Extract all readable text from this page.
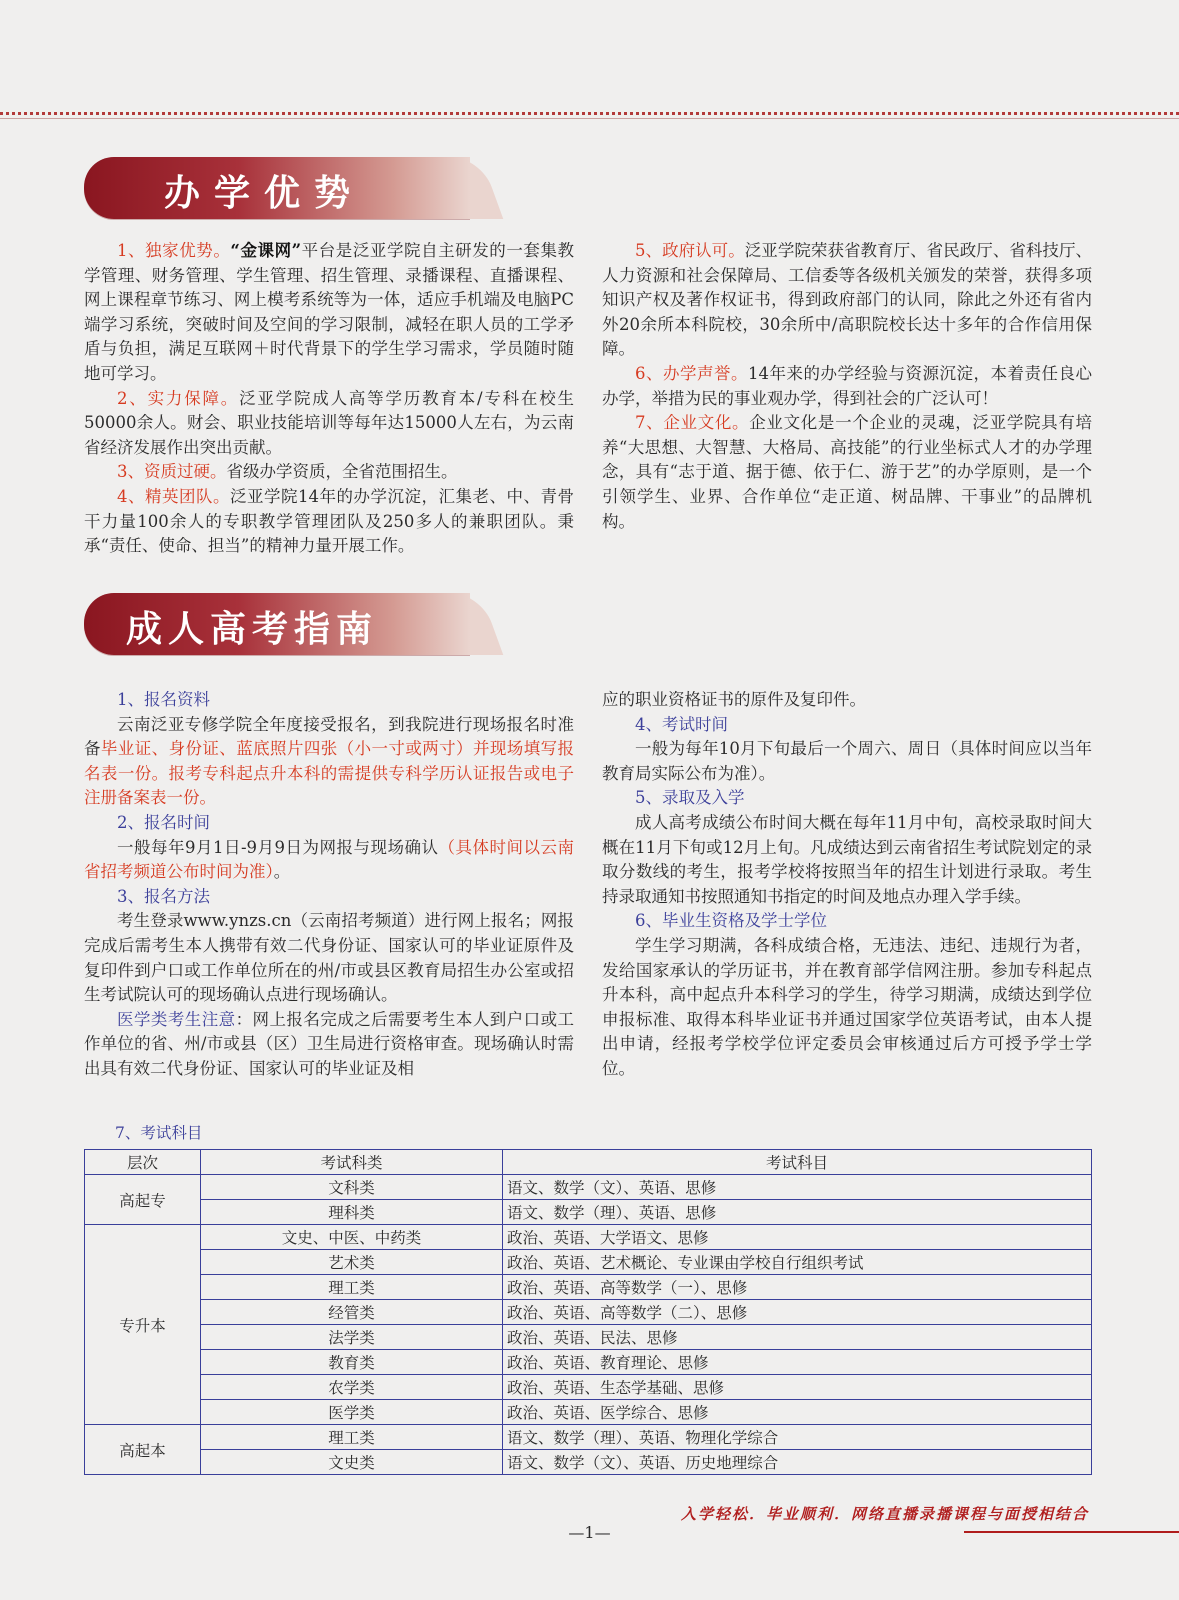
办学优势

1、独家优势。“金课网”平台是泛亚学院自主研发的一套集教学管理、财务管理、学生管理、招生管理、录播课程、直播课程、网上课程章节练习、网上模考系统等为一体，适应手机端及电脑PC端学习系统，突破时间及空间的学习限制，减轻在职人员的工学矛盾与负担，满足互联网＋时代背景下的学生学习需求，学员随时随地可学习。

2、实力保障。泛亚学院成人高等学历教育本/专科在校生50000余人。财会、职业技能培训等每年达15000人左右，为云南省经济发展作出突出贡献。

3、资质过硬。省级办学资质，全省范围招生。

4、精英团队。泛亚学院14年的办学沉淀，汇集老、中、青骨干力量100余人的专职教学管理团队及250多人的兼职团队。秉承“责任、使命、担当”的精神力量开展工作。

5、政府认可。泛亚学院荣获省教育厅、省民政厅、省科技厅、人力资源和社会保障局、工信委等各级机关颁发的荣誉，获得多项知识产权及著作权证书，得到政府部门的认同，除此之外还有省内外20余所本科院校，30余所中/高职院校长达十多年的合作信用保障。

6、办学声誉。14年来的办学经验与资源沉淀，本着责任良心办学，举措为民的事业观办学，得到社会的广泛认可！

7、企业文化。企业文化是一个企业的灵魂，泛亚学院具有培养“大思想、大智慧、大格局、高技能”的行业坐标式人才的办学理念，具有“志于道、据于德、依于仁、游于艺”的办学原则，是一个引领学生、业界、合作单位“走正道、树品牌、干事业”的品牌机构。

成人高考指南

1、报名资料

云南泛亚专修学院全年度接受报名，到我院进行现场报名时准备毕业证、身份证、蓝底照片四张（小一寸或两寸）并现场填写报名表一份。报考专科起点升本科的需提供专科学历认证报告或电子注册备案表一份。

2、报名时间

一般每年9月1日-9月9日为网报与现场确认（具体时间以云南省招考频道公布时间为准）。

3、报名方法

考生登录www.ynzs.cn（云南招考频道）进行网上报名；网报完成后需考生本人携带有效二代身份证、国家认可的毕业证原件及复印件到户口或工作单位所在的州/市或县区教育局招生办公室或招生考试院认可的现场确认点进行现场确认。

医学类考生注意：网上报名完成之后需要考生本人到户口或工作单位的省、州/市或县（区）卫生局进行资格审查。现场确认时需出具有效二代身份证、国家认可的毕业证及相

应的职业资格证书的原件及复印件。

4、考试时间

一般为每年10月下旬最后一个周六、周日（具体时间应以当年教育局实际公布为准）。

5、录取及入学

成人高考成绩公布时间大概在每年11月中旬，高校录取时间大概在11月下旬或12月上旬。凡成绩达到云南省招生考试院划定的录取分数线的考生，报考学校将按照当年的招生计划进行录取。考生持录取通知书按照通知书指定的时间及地点办理入学手续。

6、毕业生资格及学士学位

学生学习期满，各科成绩合格，无违法、违纪、违规行为者，发给国家承认的学历证书，并在教育部学信网注册。参加专科起点升本科，高中起点升本科学习的学生，待学习期满，成绩达到学位申报标准、取得本科毕业证书并通过国家学位英语考试，由本人提出申请，经报考学校学位评定委员会审核通过后方可授予学士学位。

7、考试科目

层次	考试科类	考试科目
高起专	文科类	语文、数学（文）、英语、思修
	理科类	语文、数学（理）、英语、思修
专升本	文史、中医、中药类	政治、英语、大学语文、思修
	艺术类	政治、英语、艺术概论、专业课由学校自行组织考试
	理工类	政治、英语、高等数学（一）、思修
	经管类	政治、英语、高等数学（二）、思修
	法学类	政治、英语、民法、思修
	教育类	政治、英语、教育理论、思修
	农学类	政治、英语、生态学基础、思修
	医学类	政治、英语、医学综合、思修
高起本	理工类	语文、数学（理）、英语、物理化学综合
	文史类	语文、数学（文）、英语、历史地理综合
入学轻松．毕业顺利．网络直播录播课程与面授相结合
—1—
